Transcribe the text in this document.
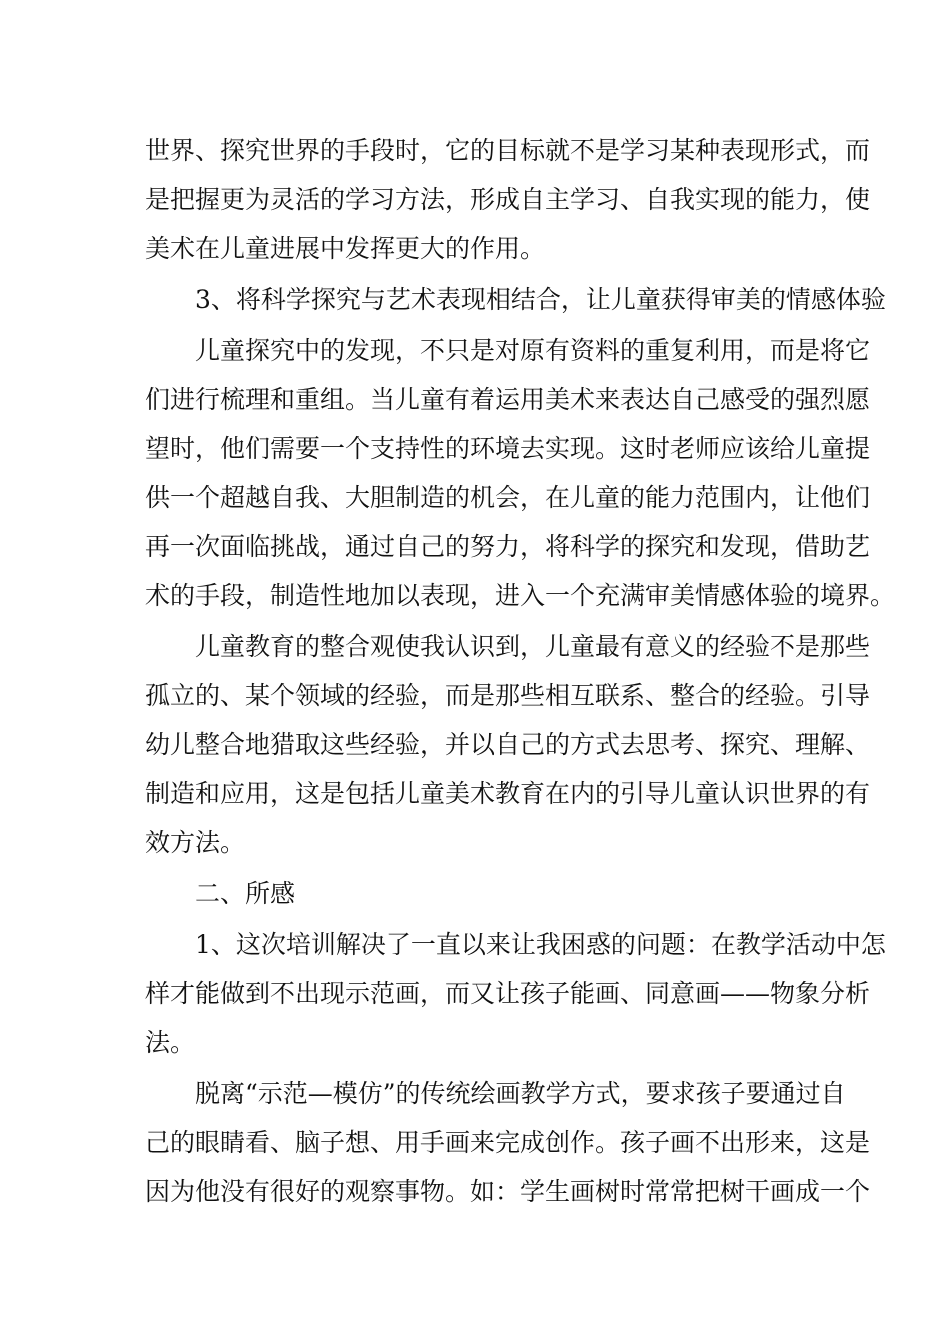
世界、探究世界的手段时，它的目标就不是学习某种表现形式，而
是把握更为灵活的学习方法，形成自主学习、自我实现的能力，使
美术在儿童进展中发挥更大的作用。
3、将科学探究与艺术表现相结合，让儿童获得审美的情感体验
儿童探究中的发现，不只是对原有资料的重复利用，而是将它
们进行梳理和重组。当儿童有着运用美术来表达自己感受的强烈愿
望时，他们需要一个支持性的环境去实现。这时老师应该给儿童提
供一个超越自我、大胆制造的机会，在儿童的能力范围内，让他们
再一次面临挑战，通过自己的努力，将科学的探究和发现，借助艺
术的手段，制造性地加以表现，进入一个充满审美情感体验的境界。
儿童教育的整合观使我认识到，儿童最有意义的经验不是那些
孤立的、某个领域的经验，而是那些相互联系、整合的经验。引导
幼儿整合地猎取这些经验，并以自己的方式去思考、探究、理解、
制造和应用，这是包括儿童美术教育在内的引导儿童认识世界的有
效方法。
二、所感
1、这次培训解决了一直以来让我困惑的问题：在教学活动中怎
样才能做到不出现示范画，而又让孩子能画、同意画——物象分析
法。
脱离“示范—模仿”的传统绘画教学方式，要求孩子要通过自
己的眼睛看、脑子想、用手画来完成创作。孩子画不出形来，这是
因为他没有很好的观察事物。如：学生画树时常常把树干画成一个
